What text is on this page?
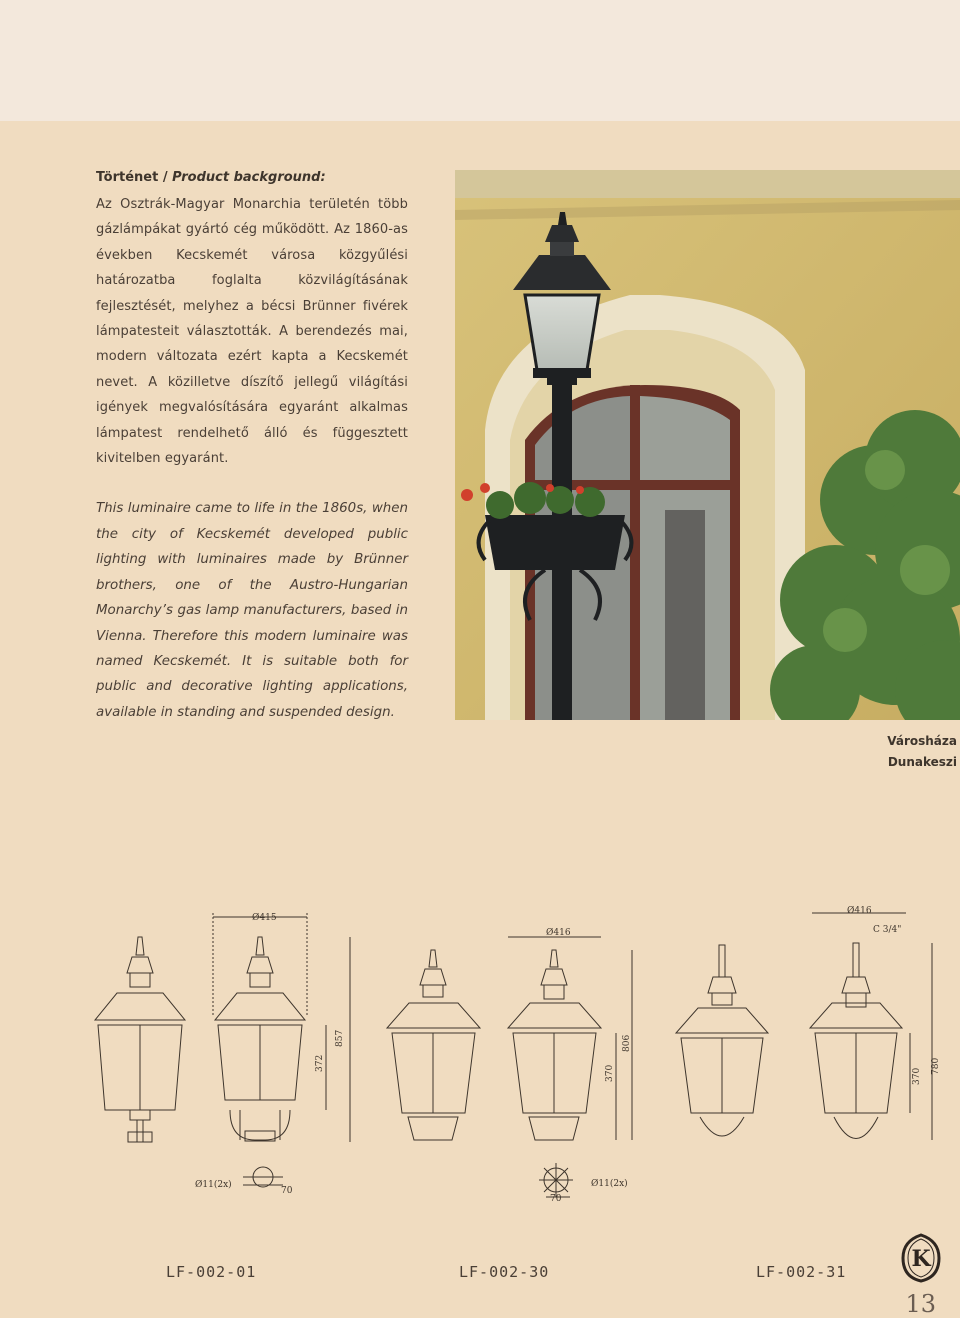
Történet / Product background:

Az Osztrák-Magyar Monarchia területén több gázlámpákat gyártó cég működött. Az 1860-as években Kecskemét városa közgyűlési határozatba foglalta közvilágításának fejlesztését, melyhez a bécsi Brünner fivérek lámpatesteit választották. A berendezés mai, modern változata ezért kapta a Kecskemét nevet. A közilletve díszítő jellegű világítási igények megvalósítására egyaránt alkalmas lámpatest rendelhető álló és függesztett kivitelben egyaránt.

This luminaire came to life in the 1860s, when the city of Kecskemét developed public lighting with luminaires made by Brünner brothers, one of the Austro-Hungarian Monarchy’s gas lamp manufacturers, based in Vienna. Therefore this modern luminaire was named Kecskemét. It is suitable both for public and decorative lighting applications, available in standing and suspended design.

Városháza
Dunakeszi
Ø415
Ø416
Ø416
C 3/4"
372
857
370
806
370
780
Ø11(2x)
70
70
Ø11(2x)
LF-002-01	LF-002-30	LF-002-31	K
13
